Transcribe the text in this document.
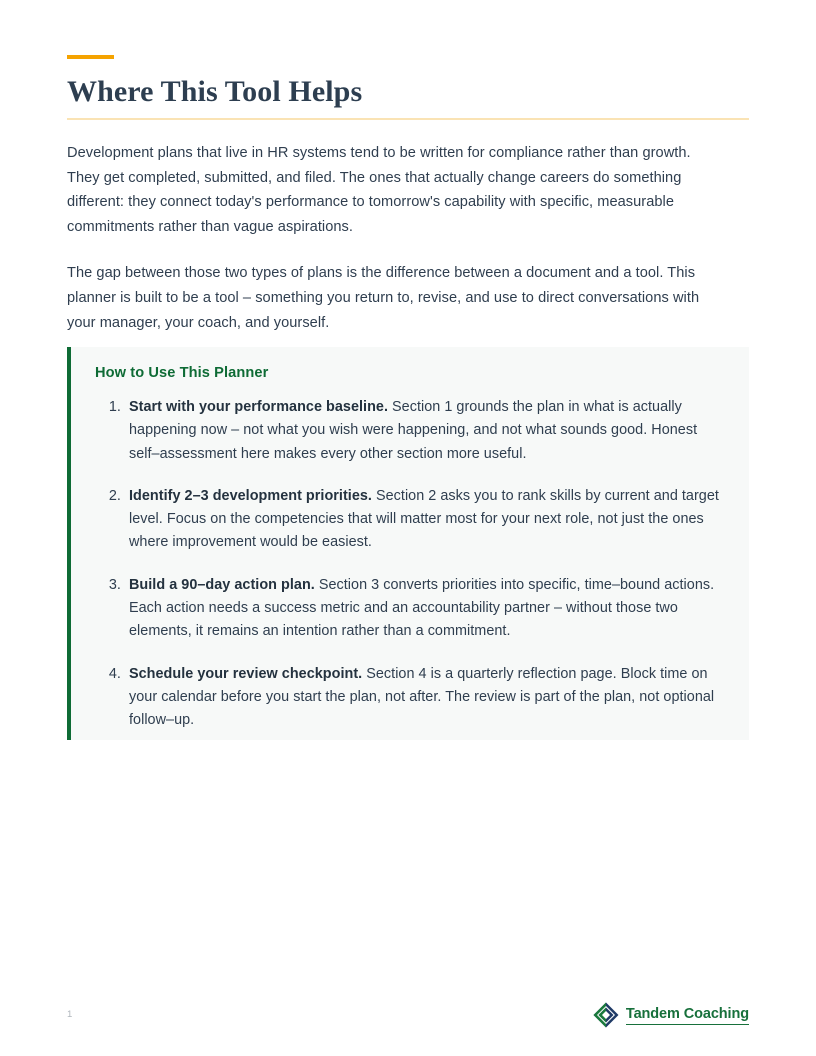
Where This Tool Helps

Development plans that live in HR systems tend to be written for compliance rather than growth. They get completed, submitted, and filed. The ones that actually change careers do something different: they connect today's performance to tomorrow's capability with specific, measurable commitments rather than vague aspirations.

The gap between those two types of plans is the difference between a document and a tool. This planner is built to be a tool – something you return to, revise, and use to direct conversations with your manager, your coach, and yourself.

How to Use This Planner
1. Start with your performance baseline. Section 1 grounds the plan in what is actually happening now – not what you wish were happening, and not what sounds good. Honest self–assessment here makes every other section more useful.
2. Identify 2–3 development priorities. Section 2 asks you to rank skills by current and target level. Focus on the competencies that will matter most for your next role, not just the ones where improvement would be easiest.
3. Build a 90–day action plan. Section 3 converts priorities into specific, time–bound actions. Each action needs a success metric and an accountability partner – without those two elements, it remains an intention rather than a commitment.
4. Schedule your review checkpoint. Section 4 is a quarterly reflection page. Block time on your calendar before you start the plan, not after. The review is part of the plan, not optional follow–up.
1	Tandem Coaching
